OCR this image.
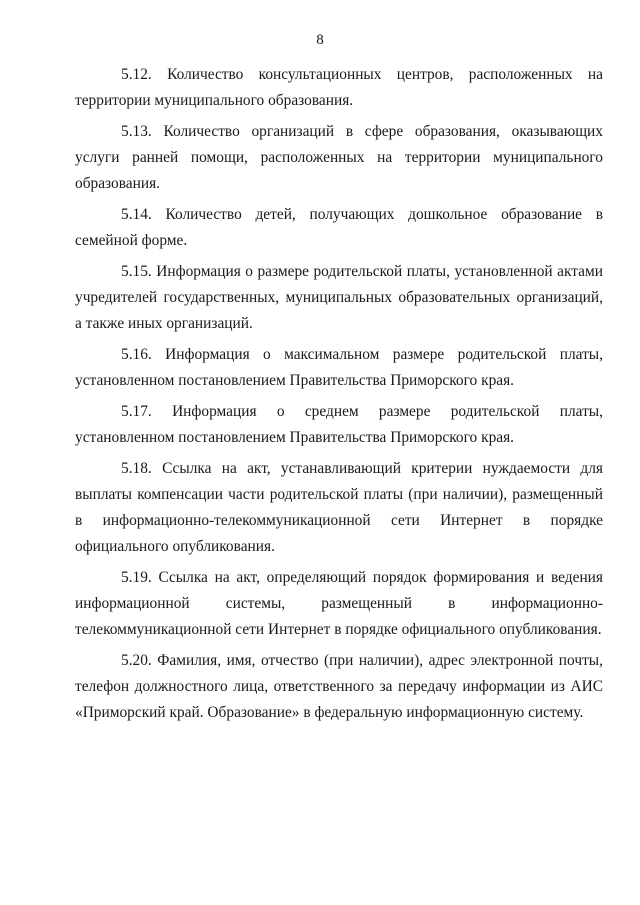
8

5.12. Количество консультационных центров, расположенных на территории муниципального образования.

5.13. Количество организаций в сфере образования, оказывающих услуги ранней помощи, расположенных на территории муниципального образования.

5.14. Количество детей, получающих дошкольное образование в семейной форме.

5.15. Информация о размере родительской платы, установленной актами учредителей государственных, муниципальных образовательных организаций, а также иных организаций.

5.16. Информация о максимальном размере родительской платы, установленном постановлением Правительства Приморского края.

5.17. Информация о среднем размере родительской платы, установленном постановлением Правительства Приморского края.

5.18. Ссылка на акт, устанавливающий критерии нуждаемости для выплаты компенсации части родительской платы (при наличии), размещенный в информационно-телекоммуникационной сети Интернет в порядке официального опубликования.

5.19. Ссылка на акт, определяющий порядок формирования и ведения информационной системы, размещенный в информационно-телекоммуникационной сети Интернет в порядке официального опубликования.

5.20. Фамилия, имя, отчество (при наличии), адрес электронной почты, телефон должностного лица, ответственного за передачу информации из АИС «Приморский край. Образование» в федеральную информационную систему.
